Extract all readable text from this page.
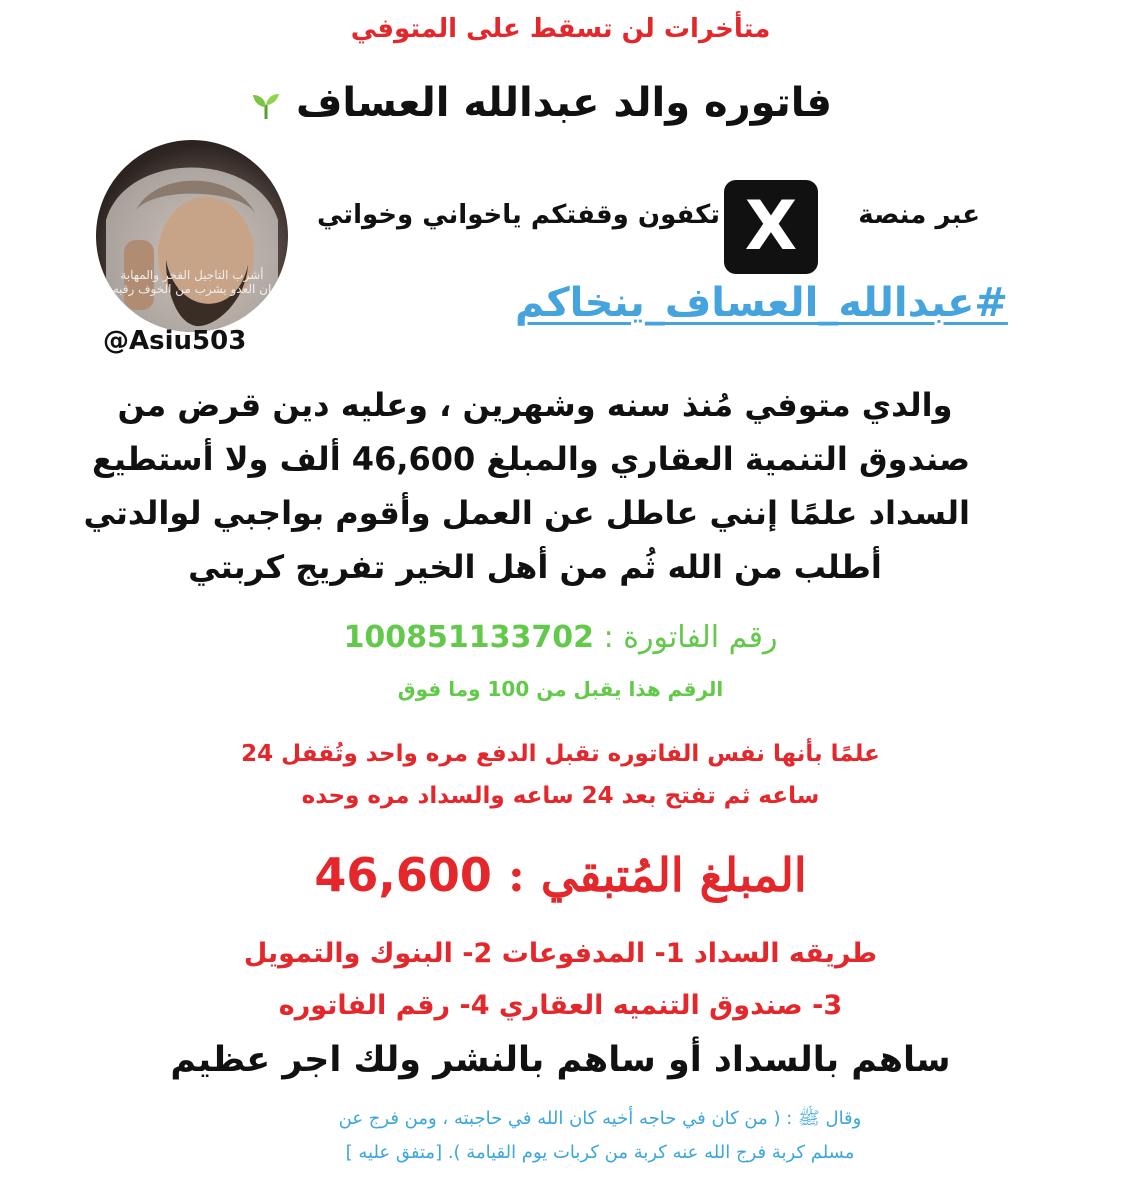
متأخرات لن تسقط على المتوفي
فاتوره والد عبدالله العساف
أشرب التاجيل الفخر والمهابة
ان العدو يشرب من الخوف رقبه
@Asiu503
تكفون وقفتكم ياخواني وخواتي X	عبر منصة
#عبدالله_العساف_ينخاكم
والدي متوفي مُنذ سنه وشهرين ، وعليه دين قرض من
صندوق التنمية العقاري والمبلغ 46,600 ألف ولا أستطيع
السداد علمًا إنني عاطل عن العمل وأقوم بواجبي لوالدتي
أطلب من الله ثُم من أهل الخير تفريج كربتي
رقم الفاتورة : 100851133702
الرقم هذا يقبل من 100 وما فوق
علمًا بأنها نفس الفاتوره تقبل الدفع مره واحد وتُقفل 24
ساعه ثم تفتح بعد 24 ساعه والسداد مره وحده
المبلغ المُتبقي : 46,600
طريقه السداد 1- المدفوعات 2- البنوك والتمويل
3- صندوق التنميه العقاري 4- رقم الفاتوره
ساهم بالسداد أو ساهم بالنشر ولك اجر عظيم
وقال ﷺ : ( من كان في حاجه أخيه كان الله في حاجبته ، ومن فرج عن
مسلم كربة فرج الله عنه كربة من كربات يوم القيامة ). [متفق عليه ]
